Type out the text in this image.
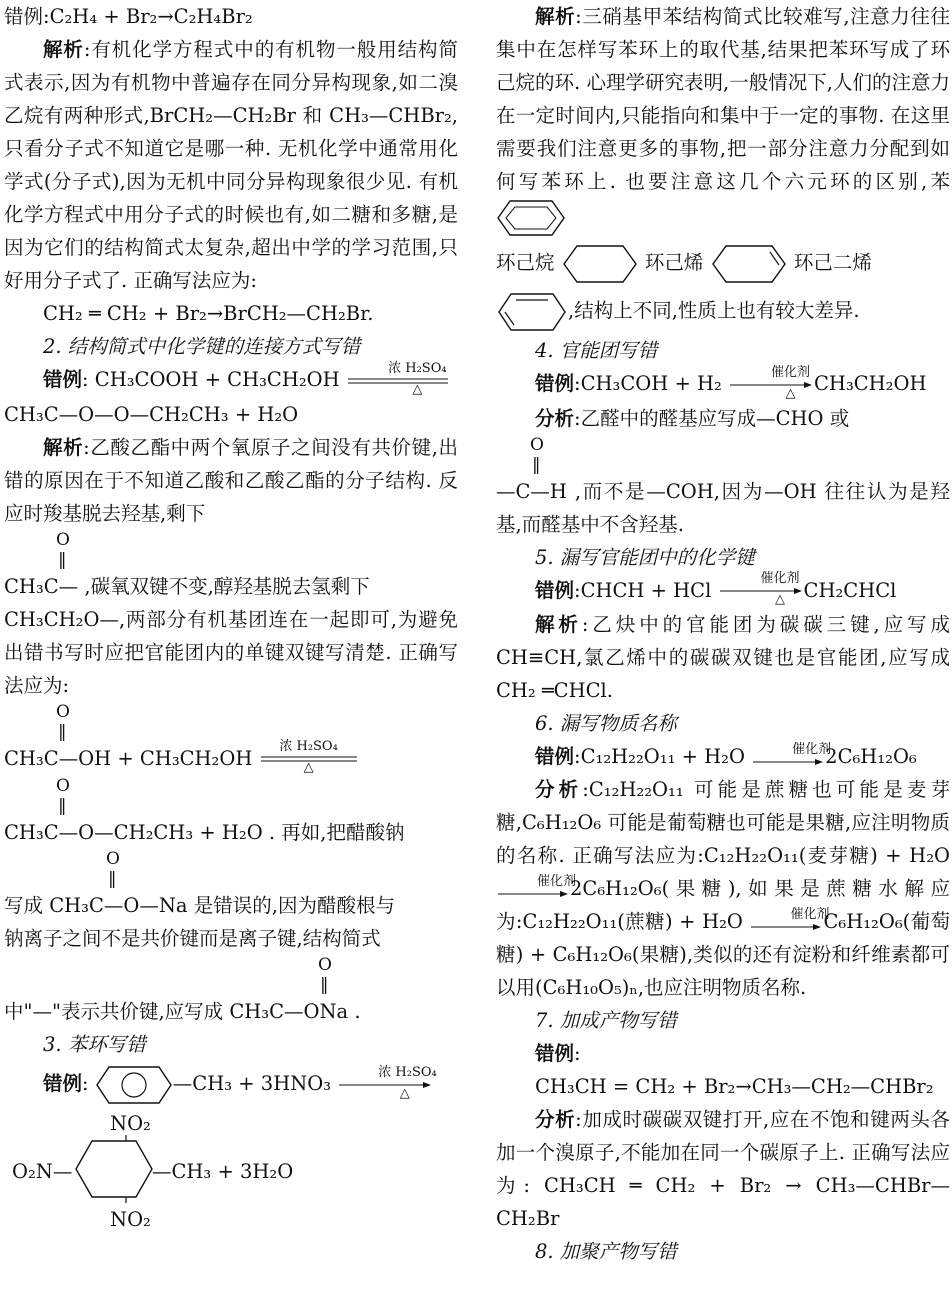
错例:C₂H₄ + Br₂→C₂H₄Br₂

解析:有机化学方程式中的有机物一般用结构简式表示,因为有机物中普遍存在同分异构现象,如二溴乙烷有两种形式,BrCH₂—CH₂Br 和 CH₃—CHBr₂,只看分子式不知道它是哪一种. 无机化学中通常用化学式(分子式),因为无机中同分异构现象很少见. 有机化学方程式中用分子式的时候也有,如二糖和多糖,是因为它们的结构简式太复杂,超出中学的学习范围,只好用分子式了. 正确写法应为:

CH₂ ═ CH₂ + Br₂→BrCH₂—CH₂Br.

2. 结构简式中化学键的连接方式写错

错例: CH₃COOH + CH₃CH₂OH	浓 H₂SO₄
△

CH₃C—O—O—CH₂CH₃ + H₂O

解析:乙酸乙酯中两个氧原子之间没有共价键,出错的原因在于不知道乙酸和乙酸乙酯的分子结构. 反应时羧基脱去羟基,剩下

O

‖

CH₃C— ,碳氧双键不变,醇羟基脱去氢剩下

CH₃CH₂O—,两部分有机基团连在一起即可,为避免出错书写时应把官能团内的单键双键写清楚. 正确写法应为:

O

‖

CH₃C—OH + CH₃CH₂OH	浓 H₂SO₄
△

O

‖

CH₃C—O—CH₂CH₃ + H₂O . 再如,把醋酸钠

O

‖

写成 CH₃C—O—Na 是错误的,因为醋酸根与

钠离子之间不是共价键而是离子键,结构简式

O

‖

中"—"表示共价键,应写成 CH₃C—ONa .

3. 苯环写错

错例:	—CH₃ + 3HNO₃	浓 H₂SO₄
△

NO₂
O₂N—	—CH₃ + 3H₂O
NO₂

解析:三硝基甲苯结构简式比较难写,注意力往往集中在怎样写苯环上的取代基,结果把苯环写成了环己烷的环. 心理学研究表明,一般情况下,人们的注意力在一定时间内,只能指向和集中于一定的事物. 在这里需要我们注意更多的事物,把一部分注意力分配到如何写苯环上. 也要注意这几个六元环的区别,苯

环己烷	环己烯	环己二烯

,结构上不同,性质上也有较大差异.

4. 官能团写错

错例:CH₃COH + H₂	催化剂
△ CH₃CH₂OH

分析:乙醛中的醛基应写成—CHO 或

O

‖

—C—H ,而不是—COH,因为—OH 往往认为是羟基,而醛基中不含羟基.

5. 漏写官能团中的化学键

错例:CHCH + HCl	催化剂
△ CH₂CHCl

解析:乙炔中的官能团为碳碳三键,应写成 CH≡CH,氯乙烯中的碳碳双键也是官能团,应写成 CH₂ ═CHCl.

6. 漏写物质名称

错例:C₁₂H₂₂O₁₁ + H₂O	催化剂
2C₆H₁₂O₆

分析:C₁₂H₂₂O₁₁ 可能是蔗糖也可能是麦芽糖,C₆H₁₂O₆ 可能是葡萄糖也可能是果糖,应注明物质的名称. 正确写法应为:C₁₂H₂₂O₁₁(麦芽糖) + H₂O
催化剂
2C₆H₁₂O₆(果糖),如果是蔗糖水解应为:C₁₂H₂₂O₁₁(蔗糖) + H₂O	催化剂
C₆H₁₂O₆(葡萄糖) + C₆H₁₂O₆(果糖),类似的还有淀粉和纤维素都可以用(C₆H₁₀O₅)ₙ,也应注明物质名称.

7. 加成产物写错

错例:

CH₃CH = CH₂ + Br₂→CH₃—CH₂—CHBr₂

分析:加成时碳碳双键打开,应在不饱和键两头各加一个溴原子,不能加在同一个碳原子上. 正确写法应为: CH₃CH ═ CH₂ + Br₂ → CH₃—CHBr—CH₂Br

8. 加聚产物写错
